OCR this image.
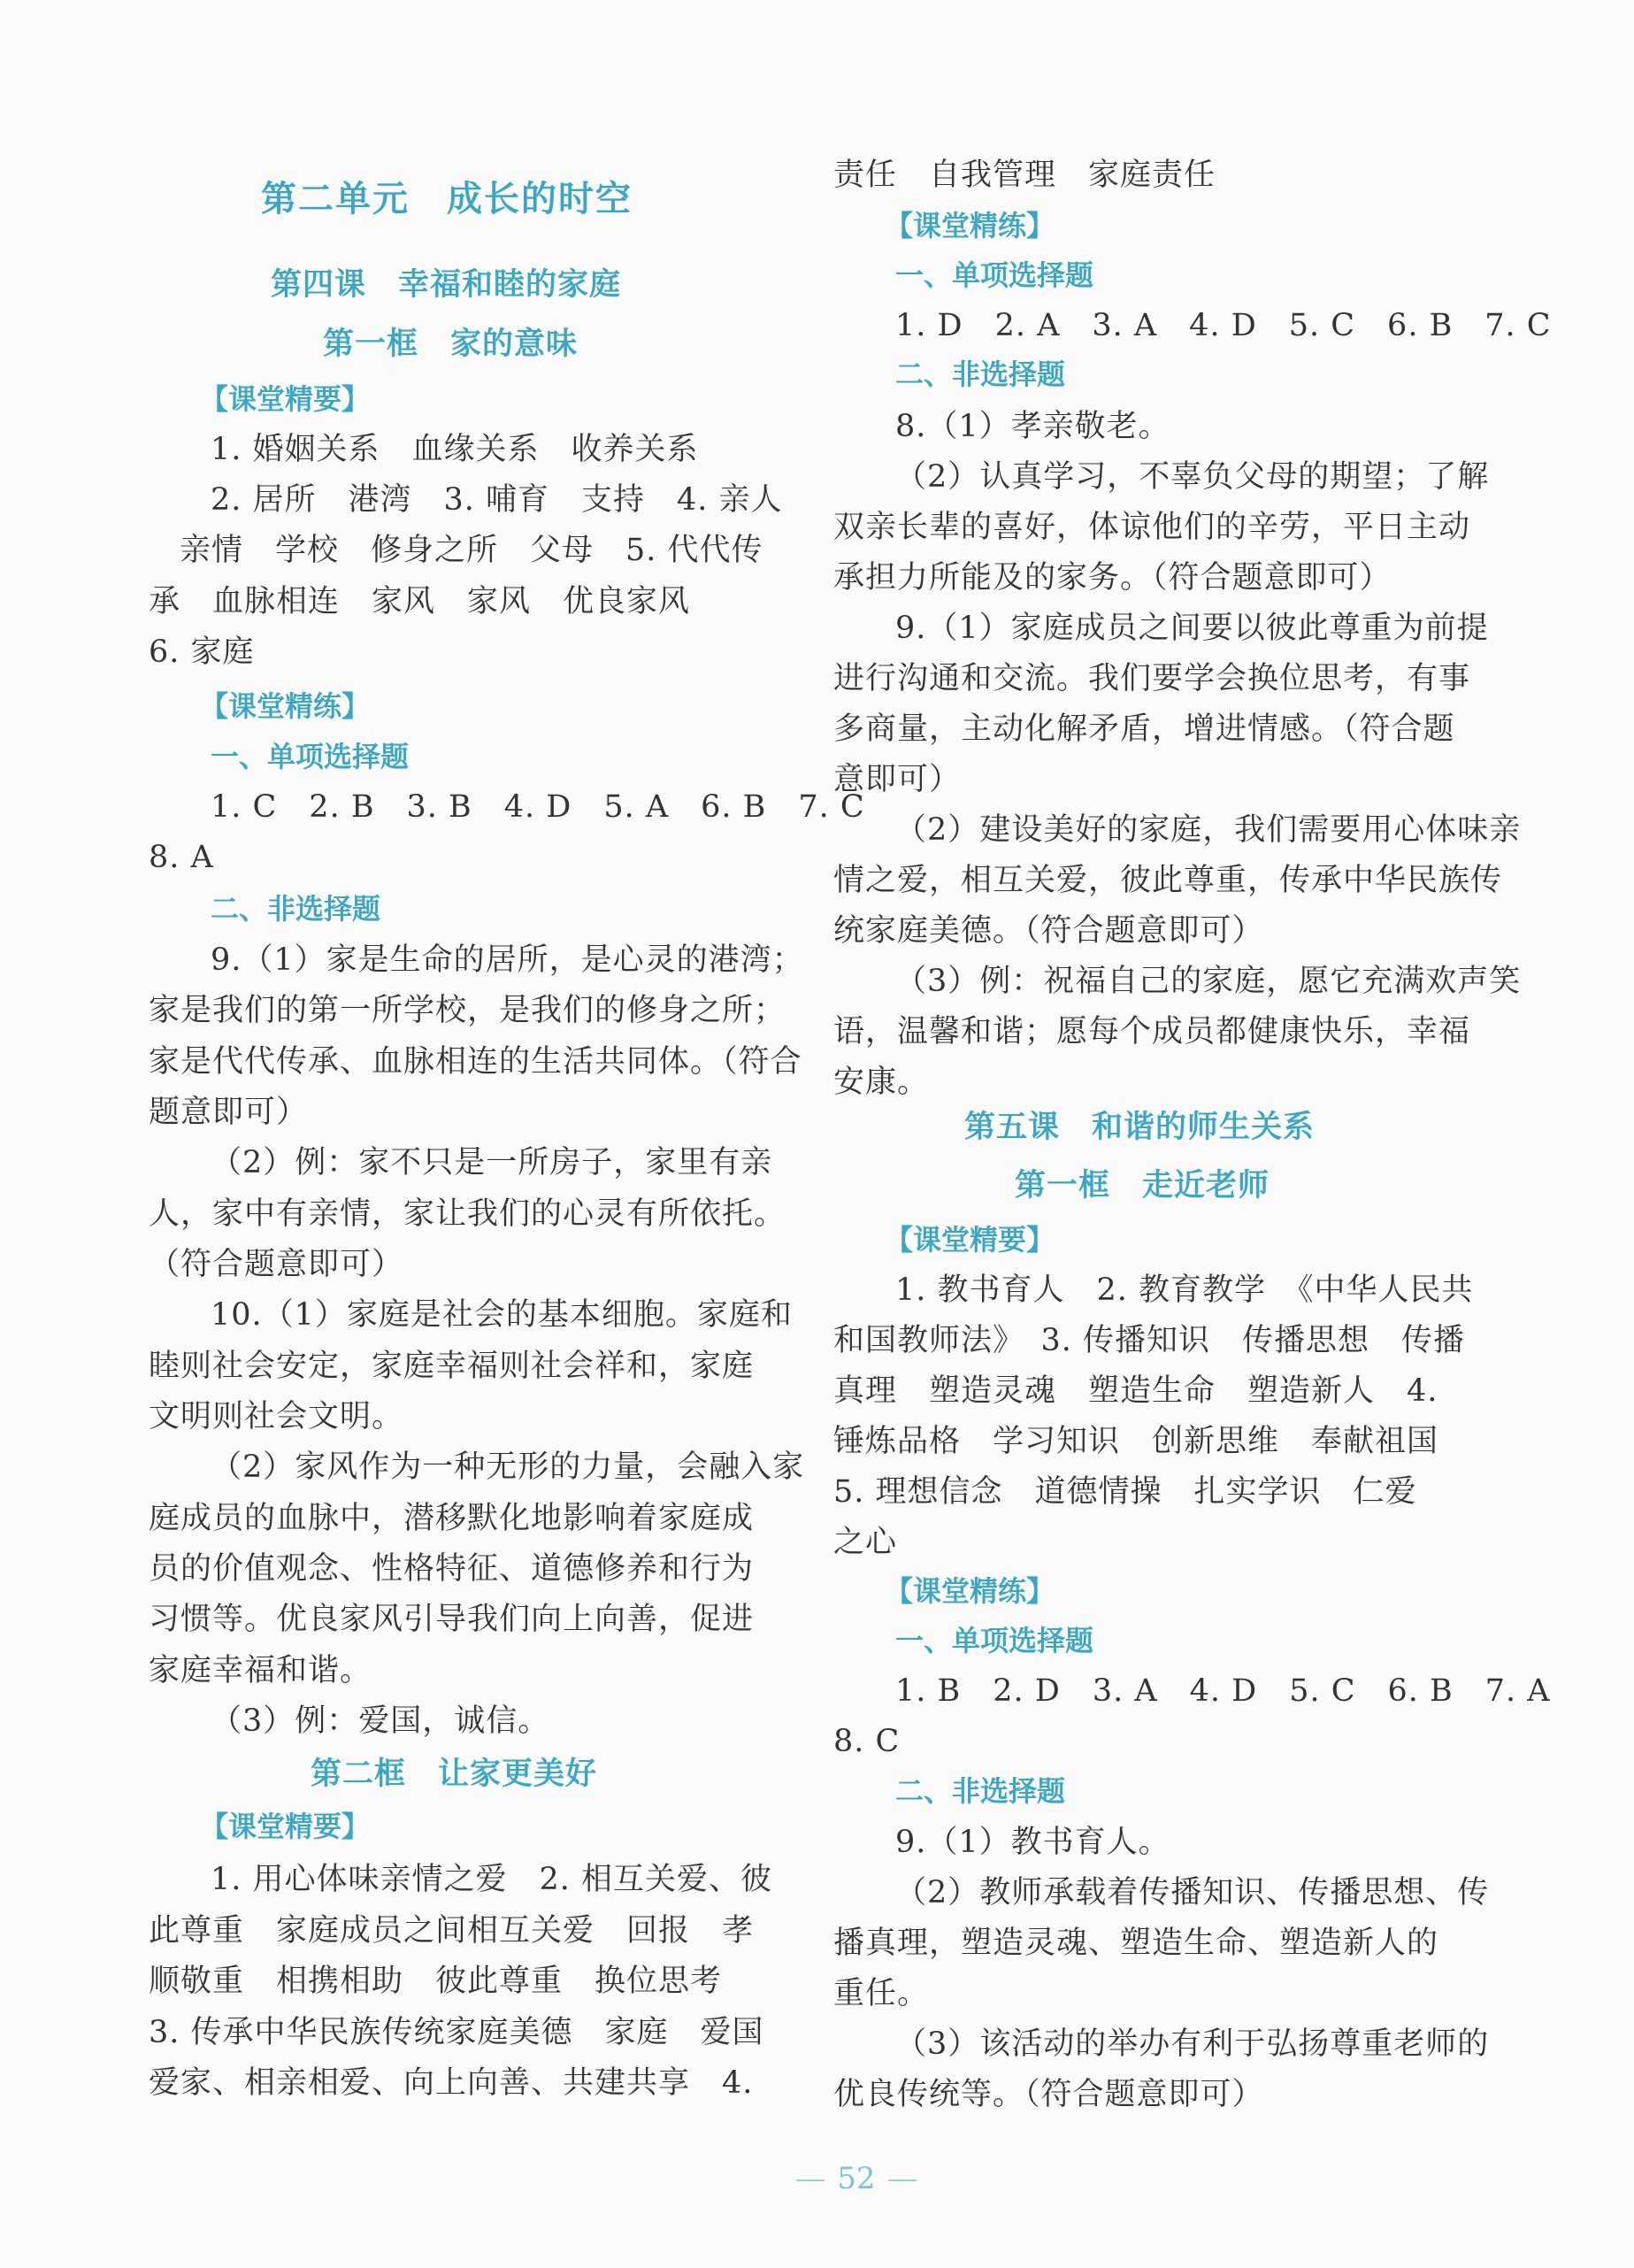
第二单元　成长的时空
第四课　幸福和睦的家庭
第一框　家的意味
【课堂精要】
1. 婚姻关系　血缘关系　收养关系
2. 居所　港湾　3. 哺育　支持　4. 亲人
亲情　学校　修身之所　父母　5. 代代传
承　血脉相连　家风　家风　优良家风
6. 家庭
【课堂精练】
一、单项选择题
1. C　2. B　3. B　4. D　5. A　6. B　7. C
8. A
二、非选择题
9.（1）家是生命的居所，是心灵的港湾；
家是我们的第一所学校，是我们的修身之所；
家是代代传承、血脉相连的生活共同体。（符合
题意即可）
（2）例：家不只是一所房子，家里有亲
人，家中有亲情，家让我们的心灵有所依托。
（符合题意即可）
10.（1）家庭是社会的基本细胞。家庭和
睦则社会安定，家庭幸福则社会祥和，家庭
文明则社会文明。
（2）家风作为一种无形的力量，会融入家
庭成员的血脉中，潜移默化地影响着家庭成
员的价值观念、性格特征、道德修养和行为
习惯等。优良家风引导我们向上向善，促进
家庭幸福和谐。
（3）例：爱国，诚信。
第二框　让家更美好
【课堂精要】
1. 用心体味亲情之爱　2. 相互关爱、彼
此尊重　家庭成员之间相互关爱　回报　孝
顺敬重　相携相助　彼此尊重　换位思考
3. 传承中华民族传统家庭美德　家庭　爱国
爱家、相亲相爱、向上向善、共建共享　4.
责任　自我管理　家庭责任
【课堂精练】
一、单项选择题
1. D　2. A　3. A　4. D　5. C　6. B　7. C
二、非选择题
8.（1）孝亲敬老。
（2）认真学习，不辜负父母的期望；了解
双亲长辈的喜好，体谅他们的辛劳，平日主动
承担力所能及的家务。（符合题意即可）
9.（1）家庭成员之间要以彼此尊重为前提
进行沟通和交流。我们要学会换位思考，有事
多商量，主动化解矛盾，增进情感。（符合题
意即可）
（2）建设美好的家庭，我们需要用心体味亲
情之爱，相互关爱，彼此尊重，传承中华民族传
统家庭美德。（符合题意即可）
（3）例：祝福自己的家庭，愿它充满欢声笑
语，温馨和谐；愿每个成员都健康快乐，幸福
安康。
第五课　和谐的师生关系
第一框　走近老师
【课堂精要】
1. 教书育人　2. 教育教学　《中华人民共
和国教师法》　3. 传播知识　传播思想　传播
真理　塑造灵魂　塑造生命　塑造新人　4.
锤炼品格　学习知识　创新思维　奉献祖国
5. 理想信念　道德情操　扎实学识　仁爱
之心
【课堂精练】
一、单项选择题
1. B　2. D　3. A　4. D　5. C　6. B　7. A
8. C
二、非选择题
9.（1）教书育人。
（2）教师承载着传播知识、传播思想、传
播真理，塑造灵魂、塑造生命、塑造新人的
重任。
（3）该活动的举办有利于弘扬尊重老师的
优良传统等。（符合题意即可）

52
